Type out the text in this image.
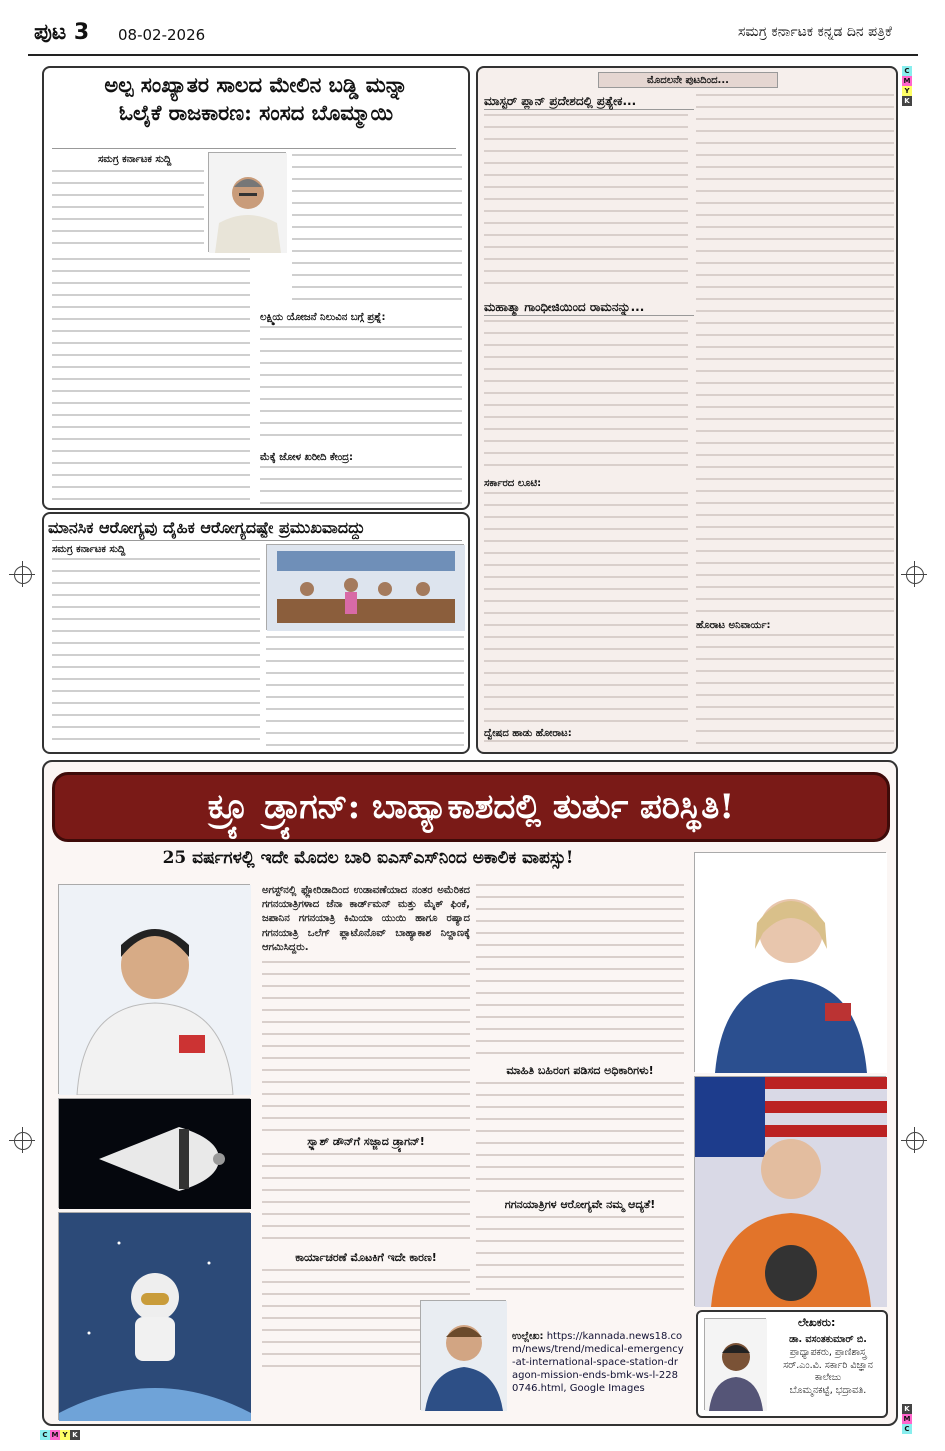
ಪುಟ 3 08-02-2026	ಸಮಗ್ರ ಕರ್ನಾಟಕ ಕನ್ನಡ ದಿನ ಪತ್ರಿಕೆ
C
M
Y
K
K
M
C
C M Y K
ಅಲ್ಪ ಸಂಖ್ಯಾತರ ಸಾಲದ ಮೇಲಿನ ಬಡ್ಡಿ ಮನ್ನಾ
ಓಲೈಕೆ ರಾಜಕಾರಣ: ಸಂಸದ ಬೊಮ್ಮಾಯಿ
ಸಮಗ್ರ ಕರ್ನಾಟಕ ಸುದ್ದಿ
ಲಕ್ಷ್ಮಿಯ ಯೋಜನೆ ನಿಲುವಿನ ಬಗ್ಗೆ ಪ್ರಶ್ನೆ:
ಮೆಕ್ಕೆ ಜೋಳ ಖರೀದಿ ಕೇಂದ್ರ:
ಮಾನಸಿಕ ಆರೋಗ್ಯವು ದೈಹಿಕ ಆರೋಗ್ಯದಷ್ಟೇ ಪ್ರಮುಖವಾದದ್ದು
ಸಮಗ್ರ ಕರ್ನಾಟಕ ಸುದ್ದಿ
ಮೊದಲನೇ ಪುಟದಿಂದ...
ಮಾಸ್ಟರ್ ಪ್ಲಾನ್ ಪ್ರದೇಶದಲ್ಲಿ ಪ್ರತ್ಯೇಕ...
ಮಹಾತ್ಮಾ ಗಾಂಧೀಜಿಯಿಂದ ರಾಮನನ್ನು...
ಸರ್ಕಾರದ ಲೂಟಿ:
ದ್ವೇಷದ ಹಾಡು ಹೋರಾಟ:
ಹೊರಾಟ ಅನಿವಾರ್ಯ:
ಕ್ರ್ಯೂ ಡ್ರ್ಯಾಗನ್: ಬಾಹ್ಯಾಕಾಶದಲ್ಲಿ ತುರ್ತು ಪರಿಸ್ಥಿತಿ!
25 ವರ್ಷಗಳಲ್ಲಿ ಇದೇ ಮೊದಲ ಬಾರಿ ಐಎಸ್‌ಎಸ್‌ನಿಂದ ಅಕಾಲಿಕ ವಾಪಸ್ಸು!
ಅಗಸ್ಟ್‌ನಲ್ಲಿ ಫ್ಲೋರಿಡಾದಿಂದ ಉಡಾವಣೆಯಾದ ನಂತರ ಅಮೆರಿಕದ ಗಗನಯಾತ್ರಿಗಳಾದ ಜೆನಾ ಕಾರ್ಡ್‌ಮನ್ ಮತ್ತು ಮೈಕ್ ಫಿಂಕೆ, ಜಪಾನಿನ ಗಗನಯಾತ್ರಿ ಕಿಮಿಯಾ ಯುಯಿ ಹಾಗೂ ರಷ್ಯಾದ ಗಗನಯಾತ್ರಿ ಒಲೆಗ್ ಪ್ಲಾಟೊನೊವ್ ಬಾಹ್ಯಾಕಾಶ ನಿಲ್ದಾಣಕ್ಕೆ ಆಗಮಿಸಿದ್ದರು.
ಸ್ಪ್ಲಾಶ್ ಡೌನ್‌ಗೆ ಸಜ್ಜಾದ ಡ್ರ್ಯಾಗನ್!
ಕಾರ್ಯಾಚರಣೆ ಮೊಟಕಿಗೆ ಇದೇ ಕಾರಣ!
ಮಾಹಿತಿ ಬಹಿರಂಗ ಪಡಿಸದ ಅಧಿಕಾರಿಗಳು!
ಗಗನಯಾತ್ರಿಗಳ ಆರೋಗ್ಯವೇ ನಮ್ಮ ಆದ್ಯತೆ!
ಉಲ್ಲೇಖ: https://kannada.news18.com/news/trend/medical-emergency-at-international-space-station-dragon-mission-ends-bmk-ws-l-2280746.html, Google Images
ಲೇಖಕರು:
ಡಾ. ವಸಂತಕುಮಾರ್ ಬಿ.
ಪ್ರಾಧ್ಯಾಪಕರು, ಪ್ರಾಣಿಶಾಸ್ತ್ರ
ಸರ್.ಎಂ.ವಿ. ಸರ್ಕಾರಿ ವಿಜ್ಞಾನ ಕಾಲೇಜು
ಬೊಮ್ಮನಕಟ್ಟೆ, ಭದ್ರಾವತಿ.
